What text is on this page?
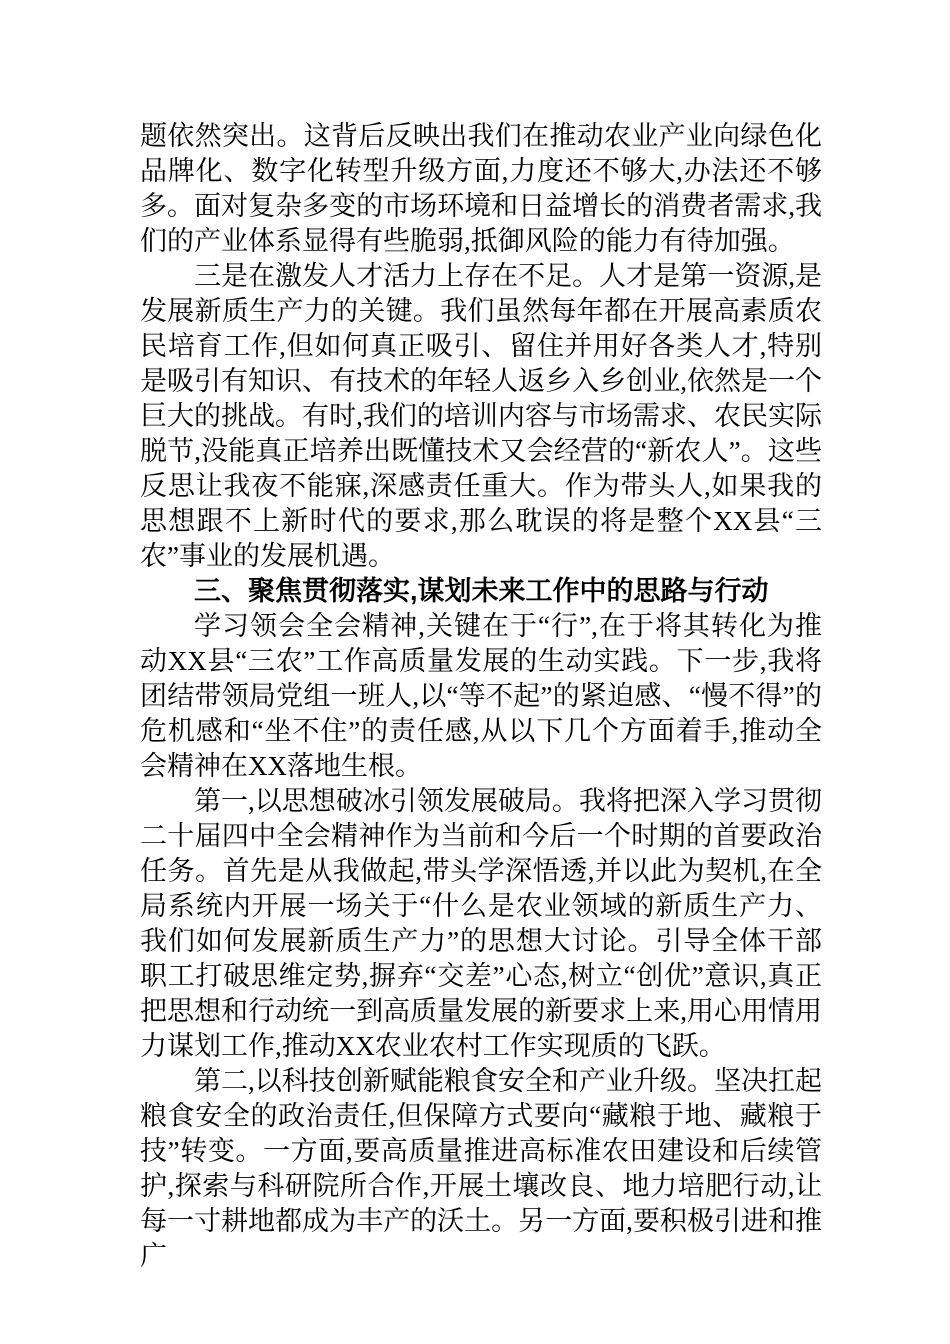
题依然突出。这背后反映出我们在推动农业产业向绿色化品牌化、数字化转型升级方面,力度还不够大,办法还不够多。面对复杂多变的市场环境和日益增长的消费者需求,我们的产业体系显得有些脆弱,抵御风险的能力有待加强。

三是在激发人才活力上存在不足。人才是第一资源,是发展新质生产力的关键。我们虽然每年都在开展高素质农民培育工作,但如何真正吸引、留住并用好各类人才,特别是吸引有知识、有技术的年轻人返乡入乡创业,依然是一个巨大的挑战。有时,我们的培训内容与市场需求、农民实际脱节,没能真正培养出既懂技术又会经营的“新农人”。这些反思让我夜不能寐,深感责任重大。作为带头人,如果我的思想跟不上新时代的要求,那么耽误的将是整个XX县“三农”事业的发展机遇。

三、聚焦贯彻落实,谋划未来工作中的思路与行动

学习领会全会精神,关键在于“行”,在于将其转化为推动XX县“三农”工作高质量发展的生动实践。下一步,我将团结带领局党组一班人,以“等不起”的紧迫感、“慢不得”的危机感和“坐不住”的责任感,从以下几个方面着手,推动全会精神在XX落地生根。

第一,以思想破冰引领发展破局。我将把深入学习贯彻二十届四中全会精神作为当前和今后一个时期的首要政治任务。首先是从我做起,带头学深悟透,并以此为契机,在全局系统内开展一场关于“什么是农业领域的新质生产力、我们如何发展新质生产力”的思想大讨论。引导全体干部职工打破思维定势,摒弃“交差”心态,树立“创优”意识,真正把思想和行动统一到高质量发展的新要求上来,用心用情用力谋划工作,推动XX农业农村工作实现质的飞跃。

第二,以科技创新赋能粮食安全和产业升级。坚决扛起粮食安全的政治责任,但保障方式要向“藏粮于地、藏粮于技”转变。一方面,要高质量推进高标准农田建设和后续管护,探索与科研院所合作,开展土壤改良、地力培肥行动,让每一寸耕地都成为丰产的沃土。另一方面,要积极引进和推广
